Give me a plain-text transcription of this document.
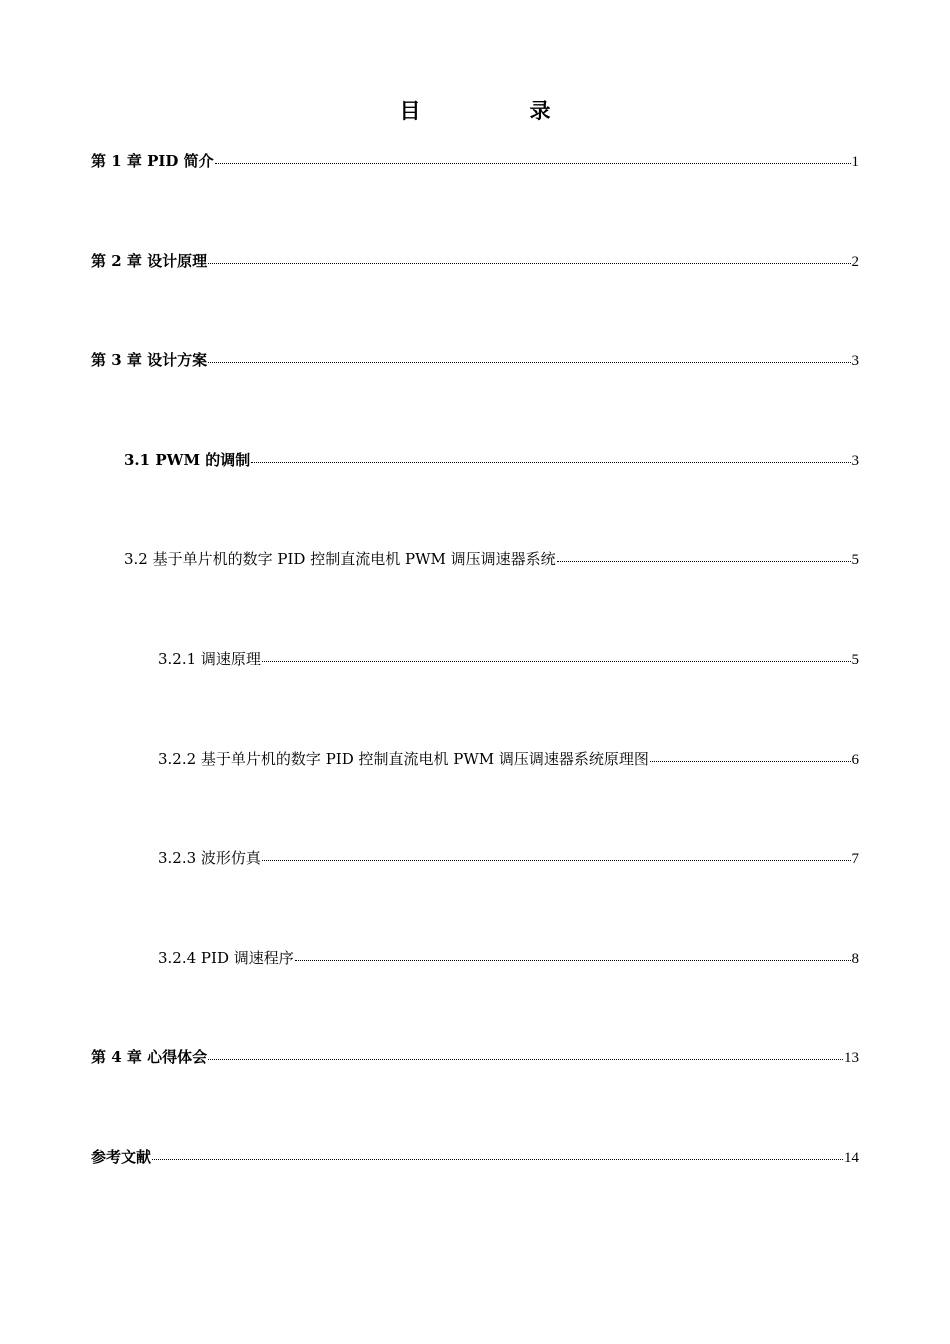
目　录
第 1 章 PID 简介	1
第 2 章 设计原理	2
第 3 章 设计方案	3
3.1 PWM 的调制	3
3.2 基于单片机的数字 PID 控制直流电机 PWM 调压调速器系统	5
3.2.1 调速原理	5
3.2.2 基于单片机的数字 PID 控制直流电机 PWM 调压调速器系统原理图	6
3.2.3 波形仿真	7
3.2.4 PID 调速程序	8
第 4 章 心得体会	13
参考文献	14
